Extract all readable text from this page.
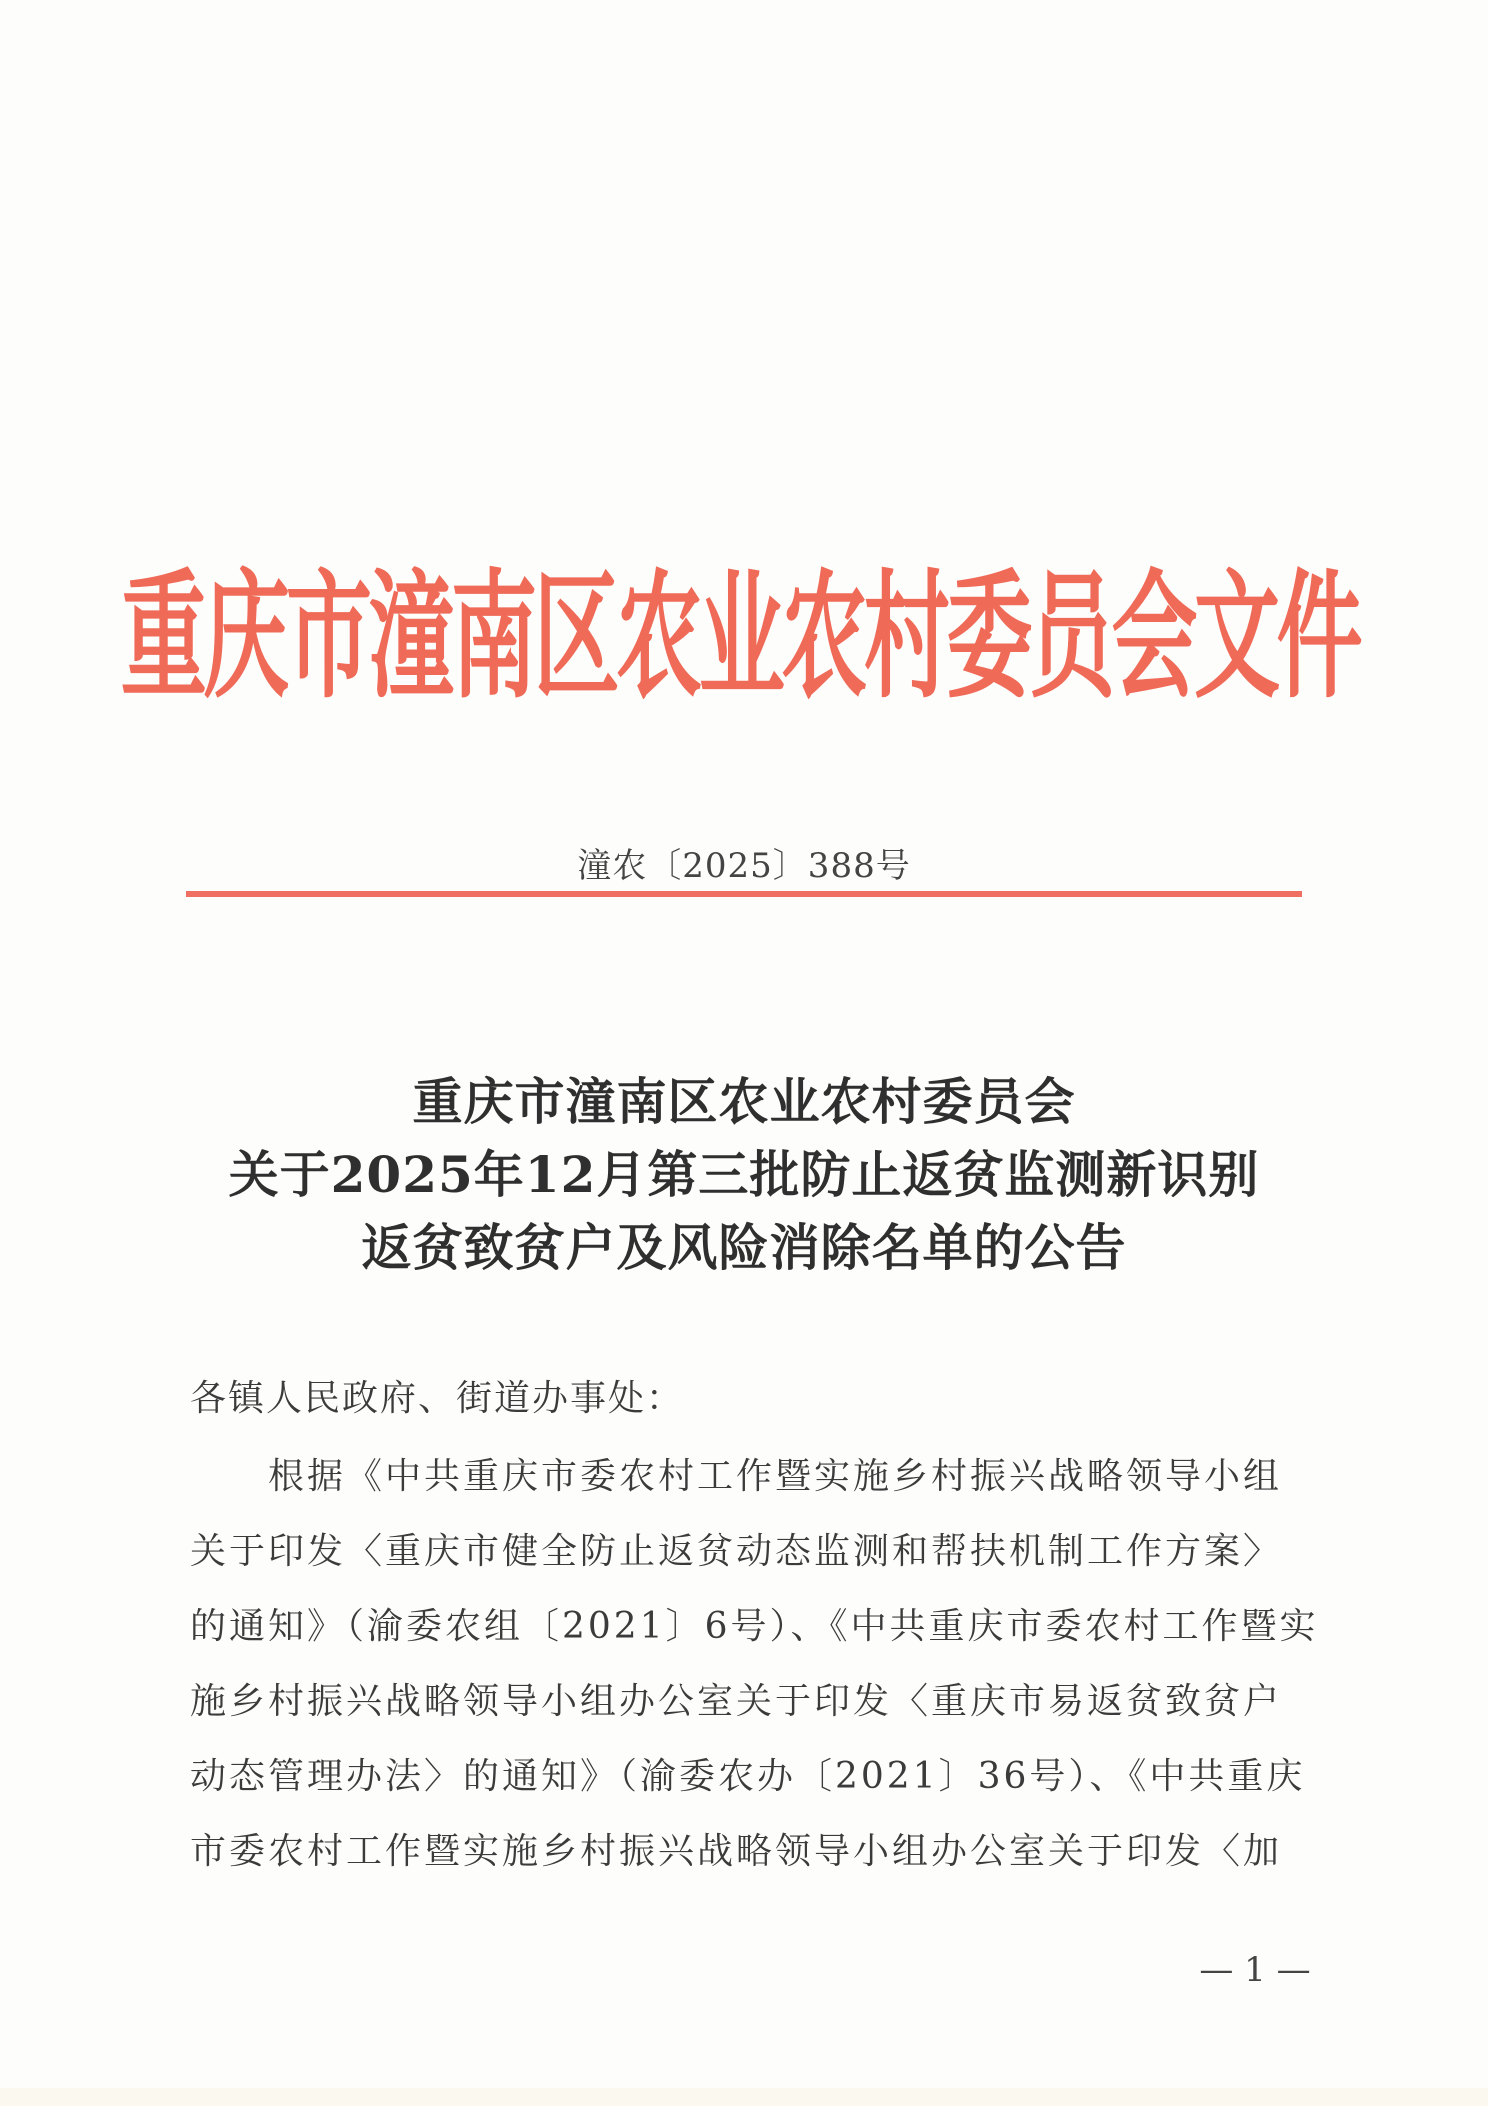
重庆市潼南区农业农村委员会文件
潼农〔2025〕388号
重庆市潼南区农业农村委员会
关于2025年12月第三批防止返贫监测新识别
返贫致贫户及风险消除名单的公告
各镇人民政府、街道办事处：
根据《中共重庆市委农村工作暨实施乡村振兴战略领导小组
关于印发〈重庆市健全防止返贫动态监测和帮扶机制工作方案〉
的通知》（渝委农组〔2021〕6号）、《中共重庆市委农村工作暨实
施乡村振兴战略领导小组办公室关于印发〈重庆市易返贫致贫户
动态管理办法〉的通知》（渝委农办〔2021〕36号）、《中共重庆
市委农村工作暨实施乡村振兴战略领导小组办公室关于印发〈加
— 1 —
